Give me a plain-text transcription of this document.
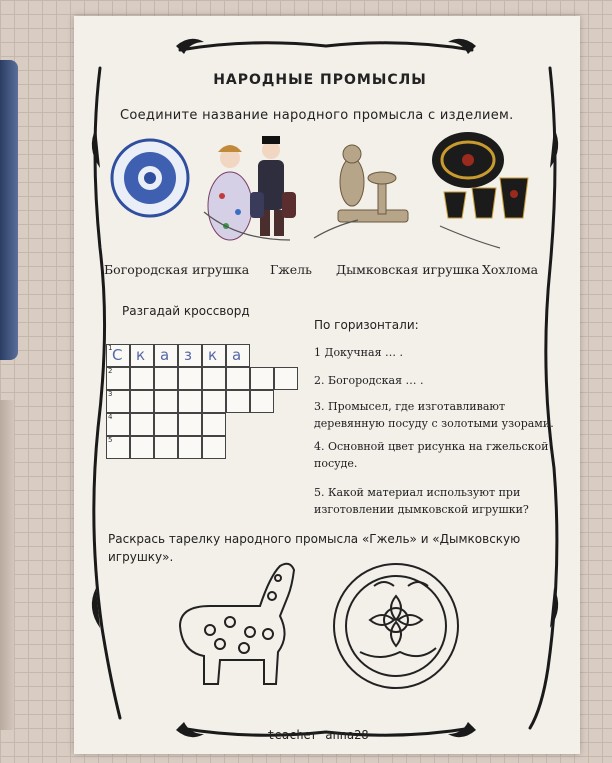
НАРОДНЫЕ ПРОМЫСЛЫ
Соедините название народного промысла с изделием.
Богородская игрушка Гжель Дымковская игрушка Хохлома
Разгадай кроссворд
1 С к а з к а
2
3
4
5
По горизонтали:
1 Докучная … .
2. Богородская … .
3. Промысел, где изготавливают деревянную посуду с золотыми узорами.
4. Основной цвет рисунка на гжельской посуде.
5. Какой материал используют при изготовлении дымковской игрушки?
Раскрась тарелку народного промысла «Гжель» и «Дымковскую игрушку».
teacher anna28
